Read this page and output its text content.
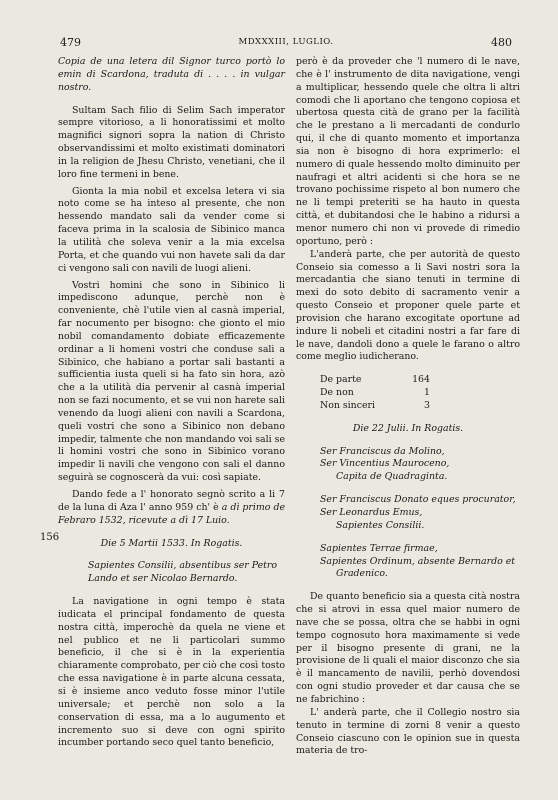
479	MDXXXIII, LUGLIO.	480
156

Copia de una letera dil Signor turco portò lo emin di Scardona, traduta di . . . . in vulgar nostro.

Sultam Sach filio di Selim Sach imperator sempre vitorioso, a li honoratissimi et molto magnifici signori sopra la nation di Christo observandissimi et molto existimati dominatori in la religion de Jhesu Christo, venetiani, che il loro fine termeni in bene.

Gionta la mia nobil et excelsa letera vi sia noto come se ha inteso al presente, che non hessendo mandato sali da vender come si faceva prima in la scalosia de Sibinico manca la utilità che soleva venir a la mia excelsa Porta, et che quando vui non havete sali da dar ci vengono sali con navili de luogi alieni.

Vostri homini che sono in Sibinico li impediscono adunque, perchè non è conveniente, chè l'utile vien al casnà imperial, far nocumento per bisogno: che gionto el mio nobil comandamento dobiate efficazemente ordinar a li homeni vostri che conduse sali a Sibinico, che habiano a portar sali bastanti a sufficientia iusta queli si ha fato sin hora, azò che a la utilità dia pervenir al casnà imperial non se fazi nocumento, et se vui non harete sali venendo da luogi alieni con navili a Scardona, queli vostri che sono a Sibinico non debano impedir, talmente che non mandando voi sali se li homini vostri che sono in Sibinico vorano impedir li navili che vengono con sali el danno seguirà se cognoscerà da vui: così sapiate.

Dando fede a l' honorato segnò scrito a li 7 de la luna di Aza l' anno 959 ch' è a dì primo de Febraro 1532, ricevute a dì 17 Luio.

Die 5 Martii 1533. In Rogatis.

Sapientes Consilii, absentibus ser Petro Lando et ser Nicolao Bernardo.

La navigatione in ogni tempo è stata iudicata el principal fondamento de questa nostra città, imperochè da quela ne viene et nel publico et ne li particolari summo beneficio, il che si è in la experientia chiaramente comprobato, per ciò che così tosto che essa navigatione è in parte alcuna cessata, si è insieme anco veduto fosse minor l'utile universale; et perchè non solo a la conservation di essa, ma a lo augumento et incremento suo si deve con ogni spirito incumber portando seco quel tanto beneficio,

però è da proveder che 'l numero di le nave, che è l' instrumento de dita navigatione, vengi a multiplicar, hessendo quele che oltra li altri comodi che li aportano che tengono copiosa et ubertosa questa cità de grano per la facilità che le prestano a li mercadanti de condurlo qui, il che di quanto momento et importanza sia non è bisogno di hora exprimerlo: el numero di quale hessendo molto diminuito per naufragi et altri acidenti si che hora se ne trovano pochissime rispeto al bon numero che ne li tempi preteriti se ha hauto in questa città, et dubitandosi che le habino a ridursi a menor numero chi non vi provede di rimedio oportuno, però :

L'anderà parte, che per autorità de questo Conseio sia comesso a li Savi nostri sora la mercadantia che siano tenuti in termine di mexi do soto debito di sacramento venir a questo Conseio et proponer quele parte et provision che harano excogitate oportune ad indure li nobeli et citadini nostri a far fare di le nave, dandoli dono a quele le farano o altro come meglio iudicherano.

De parte	164
De non	1
Non sinceri	3

Die 22 Julii. In Rogatis.

Ser Franciscus da Molino,
Ser Vincentius Mauroceno,
Capita de Quadraginta.
Ser Franciscus Donato eques procurator,
Ser Leonardus Emus,
Sapientes Consilii.
Sapientes Terrae firmae,
Sapientes Ordinum, absente Bernardo et
Gradenico.

De quanto beneficio sia a questa cità nostra che si atrovi in essa quel maior numero de nave che se possa, oltra che se habbi in ogni tempo cognosuto hora maximamente si vede per il bisogno presente di grani, ne la provisione de li quali el maior disconzo che sia è il mancamento de navilii, perhò dovendosi con ogni studio proveder et dar causa che se ne fabrichino :

L' anderà parte, che il Collegio nostro sia tenuto in termine di zorni 8 venir a questo Conseio ciascuno con le opinion sue in questa materia de tro-
